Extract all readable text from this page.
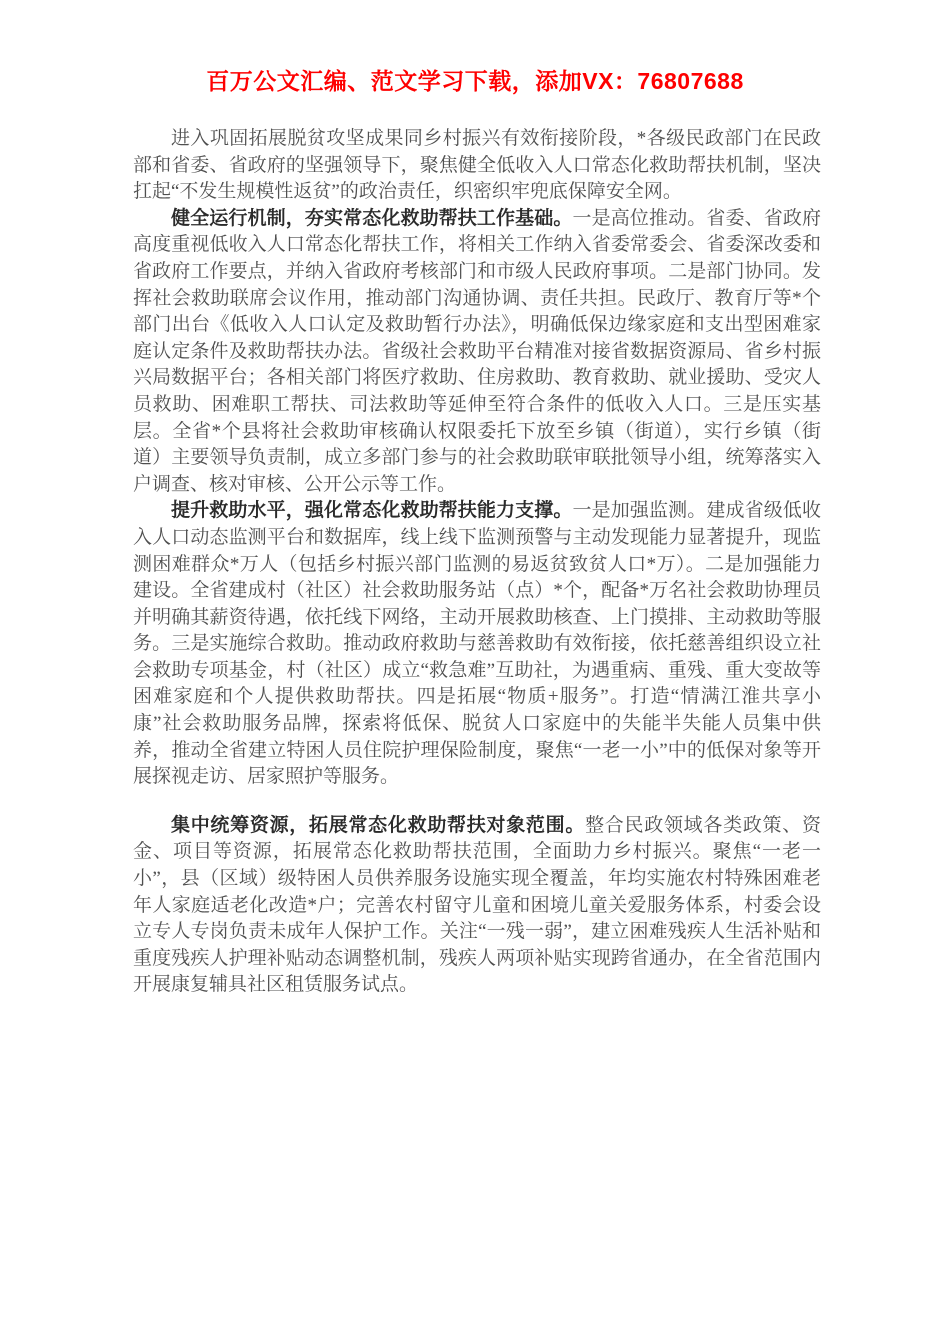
百万公文汇编、范文学习下载，添加VX：76807688

进入巩固拓展脱贫攻坚成果同乡村振兴有效衔接阶段，*各级民政部门在民政部和省委、省政府的坚强领导下，聚焦健全低收入人口常态化救助帮扶机制，坚决扛起“不发生规模性返贫”的政治责任，织密织牢兜底保障安全网。

健全运行机制，夯实常态化救助帮扶工作基础。一是高位推动。省委、省政府高度重视低收入人口常态化帮扶工作，将相关工作纳入省委常委会、省委深改委和省政府工作要点，并纳入省政府考核部门和市级人民政府事项。二是部门协同。发挥社会救助联席会议作用，推动部门沟通协调、责任共担。民政厅、教育厅等*个部门出台《低收入人口认定及救助暂行办法》，明确低保边缘家庭和支出型困难家庭认定条件及救助帮扶办法。省级社会救助平台精准对接省数据资源局、省乡村振兴局数据平台；各相关部门将医疗救助、住房救助、教育救助、就业援助、受灾人员救助、困难职工帮扶、司法救助等延伸至符合条件的低收入人口。三是压实基层。全省*个县将社会救助审核确认权限委托下放至乡镇（街道），实行乡镇（街道）主要领导负责制，成立多部门参与的社会救助联审联批领导小组，统筹落实入户调查、核对审核、公开公示等工作。

提升救助水平，强化常态化救助帮扶能力支撑。一是加强监测。建成省级低收入人口动态监测平台和数据库，线上线下监测预警与主动发现能力显著提升，现监测困难群众*万人（包括乡村振兴部门监测的易返贫致贫人口*万）。二是加强能力建设。全省建成村（社区）社会救助服务站（点）*个，配备*万名社会救助协理员并明确其薪资待遇，依托线下网络，主动开展救助核查、上门摸排、主动救助等服务。三是实施综合救助。推动政府救助与慈善救助有效衔接，依托慈善组织设立社会救助专项基金，村（社区）成立“救急难”互助社，为遇重病、重残、重大变故等困难家庭和个人提供救助帮扶。四是拓展“物质+服务”。打造“情满江淮共享小康”社会救助服务品牌，探索将低保、脱贫人口家庭中的失能半失能人员集中供养，推动全省建立特困人员住院护理保险制度，聚焦“一老一小”中的低保对象等开展探视走访、居家照护等服务。

集中统筹资源，拓展常态化救助帮扶对象范围。整合民政领域各类政策、资金、项目等资源，拓展常态化救助帮扶范围，全面助力乡村振兴。聚焦“一老一小”，县（区域）级特困人员供养服务设施实现全覆盖，年均实施农村特殊困难老年人家庭适老化改造*户；完善农村留守儿童和困境儿童关爱服务体系，村委会设立专人专岗负责未成年人保护工作。关注“一残一弱”，建立困难残疾人生活补贴和重度残疾人护理补贴动态调整机制，残疾人两项补贴实现跨省通办，在全省范围内开展康复辅具社区租赁服务试点。
